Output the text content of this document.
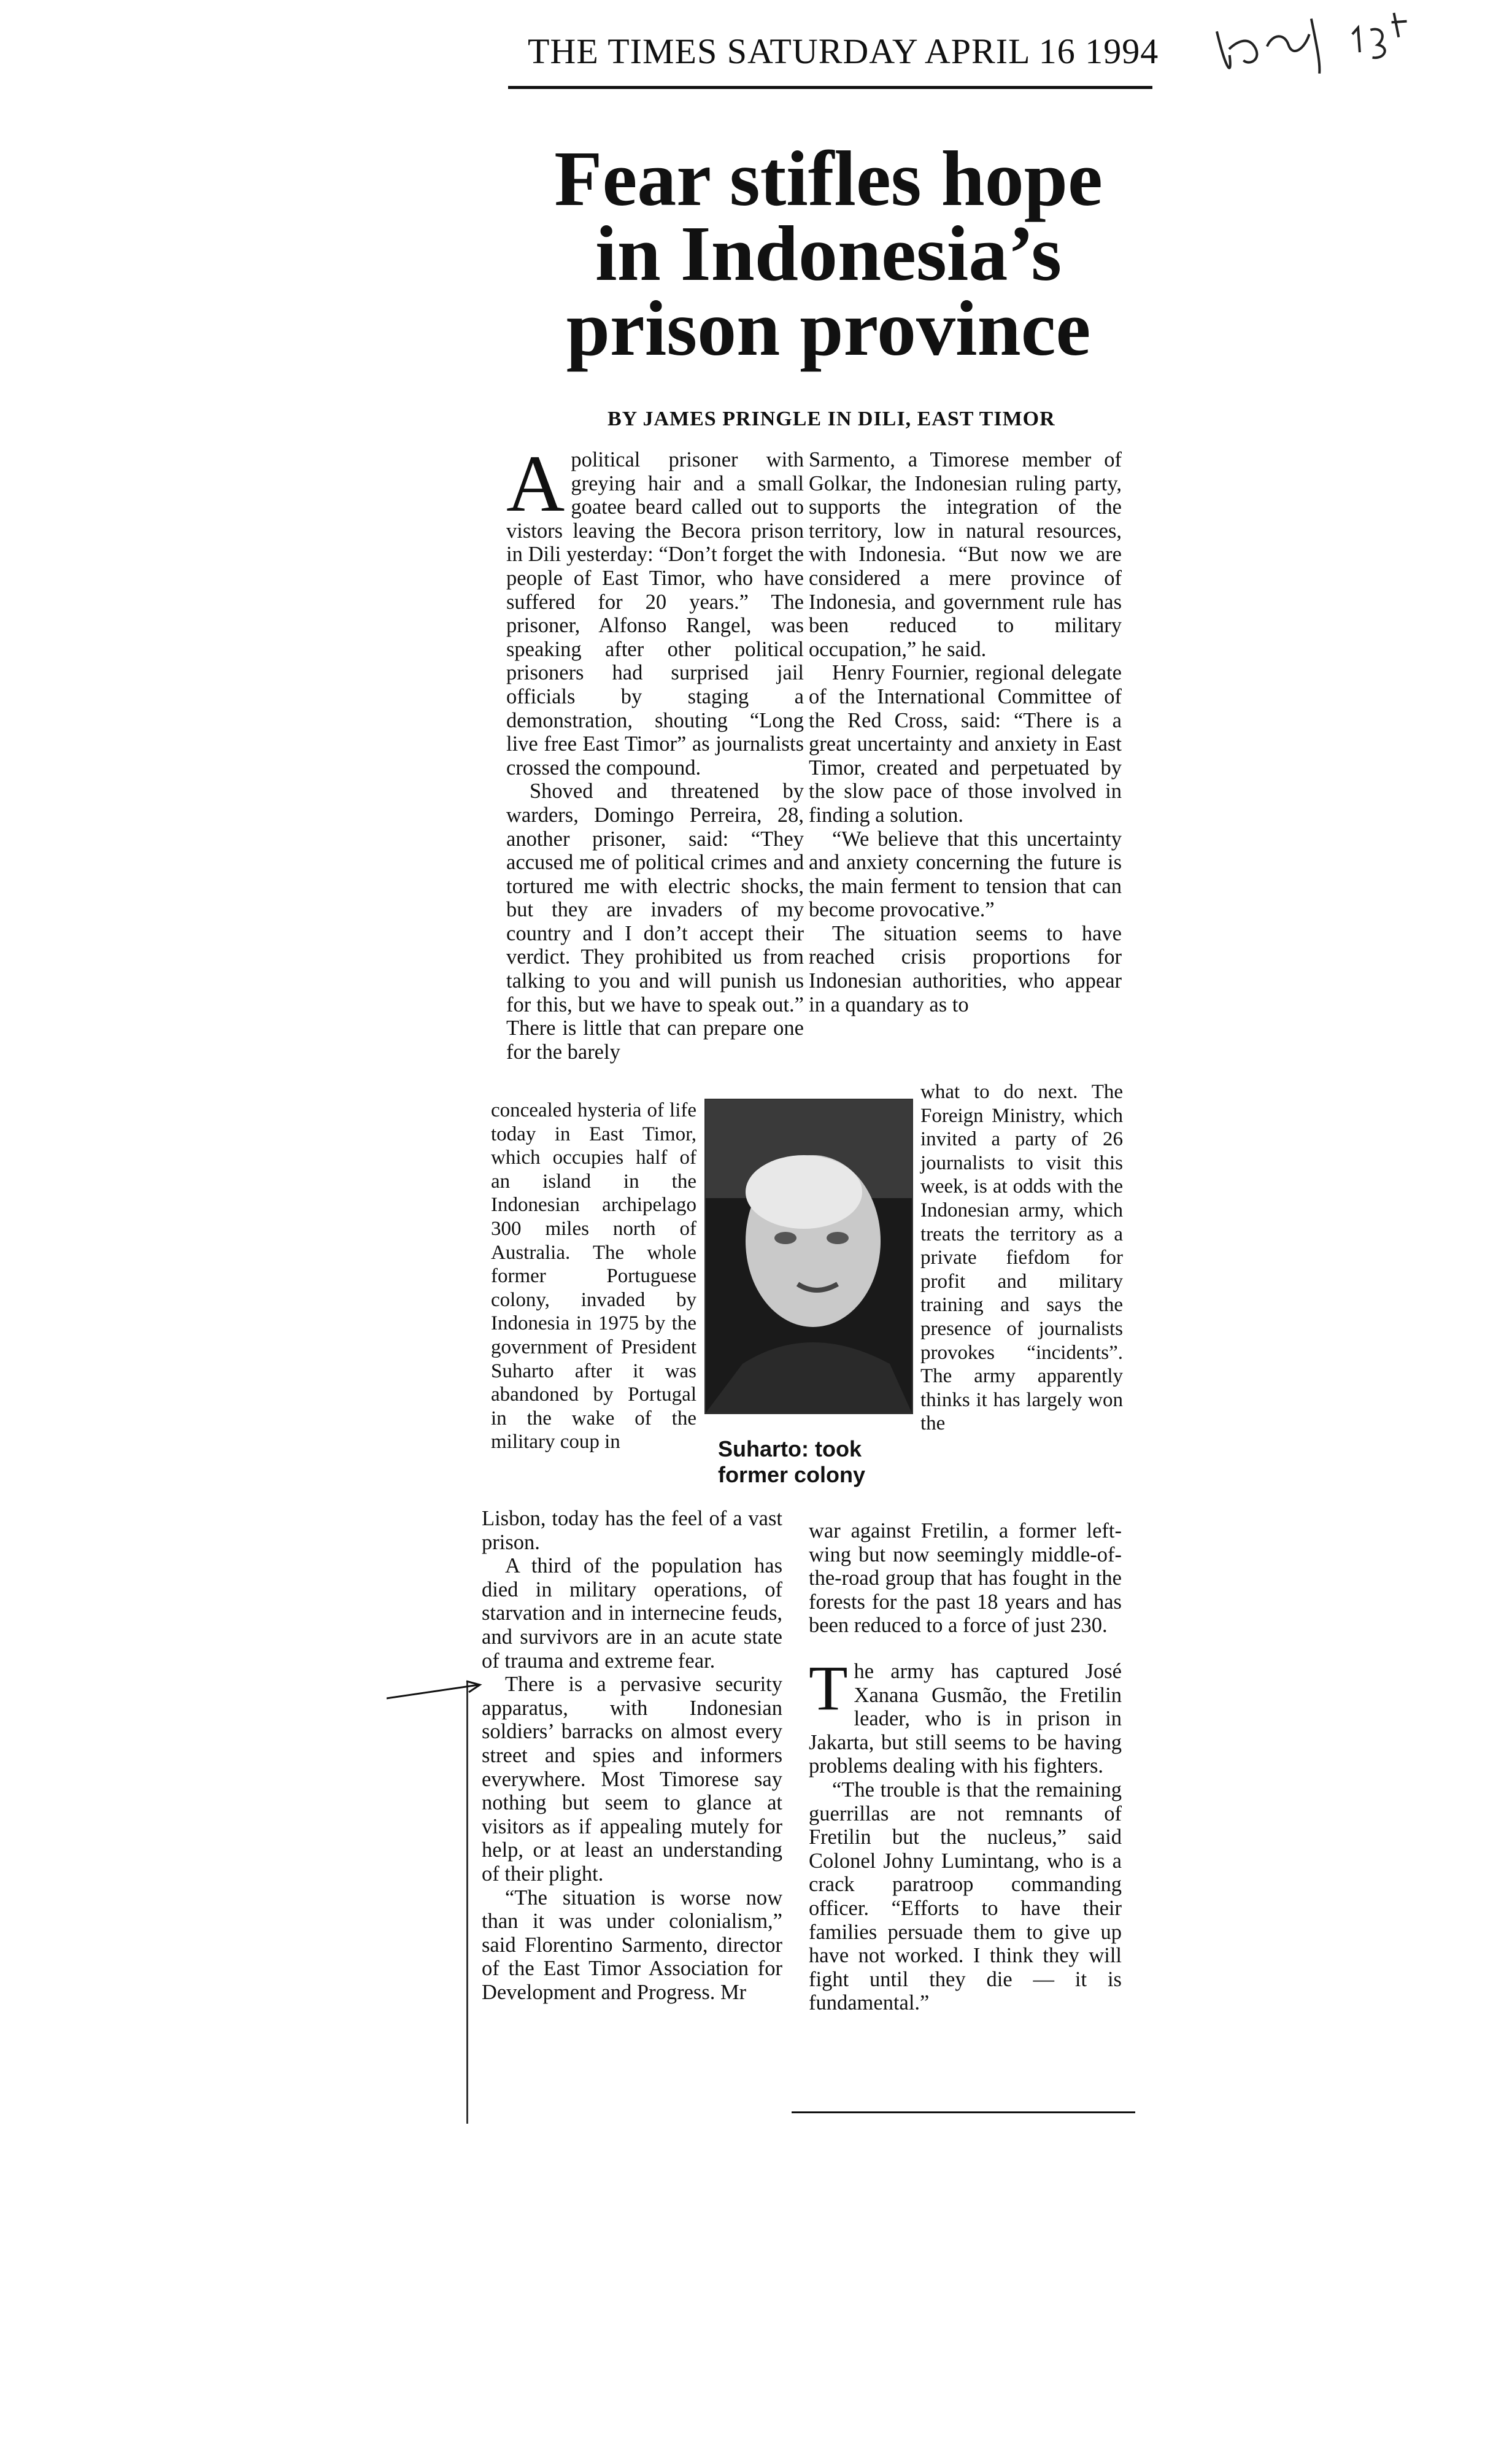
THE TIMES SATURDAY APRIL 16 1994
Fear stifles hope
in Indonesia’s
prison province
BY JAMES PRINGLE IN DILI, EAST TIMOR

Apolitical prisoner with greying hair and a small goatee beard called out to vistors leaving the Becora prison in Dili yesterday: “Don’t forget the people of East Timor, who have suffered for 20 years.” The prisoner, Alfonso Rangel, was speaking after other political prisoners had surprised jail officials by staging a demonstration, shouting “Long live free East Timor” as journalists crossed the compound.

Shoved and threatened by warders, Domingo Perreira, 28, another prisoner, said: “They accused me of political crimes and tortured me with electric shocks, but they are invaders of my country and I don’t accept their verdict. They prohibited us from talking to you and will punish us for this, but we have to speak out.” There is little that can prepare one for the barely

concealed hysteria of life today in East Timor, which occupies half of an island in the Indonesian archipelago 300 miles north of Australia. The whole former Portuguese colony, invaded by Indonesia in 1975 by the government of President Suharto after it was abandoned by Portugal in the wake of the military coup in	Suharto: took former colony

Lisbon, today has the feel of a vast prison.

A third of the population has died in military operations, of starvation and in internecine feuds, and survivors are in an acute state of trauma and extreme fear.

There is a pervasive security apparatus, with Indonesian soldiers’ barracks on almost every street and spies and informers everywhere. Most Timorese say nothing but seem to glance at visitors as if appealing mutely for help, or at least an understanding of their plight.

“The situation is worse now than it was under colonialism,” said Florentino Sarmento, director of the East Timor Association for Development and Progress. Mr

Sarmento, a Timorese member of Golkar, the Indonesian ruling party, supports the integration of the territory, low in natural resources, with Indonesia. “But now we are considered a mere province of Indonesia, and government rule has been reduced to military occupation,” he said.

Henry Fournier, regional delegate of the International Committee of the Red Cross, said: “There is a great uncertainty and anxiety in East Timor, created and perpetuated by the slow pace of those involved in finding a solution.

“We believe that this uncertainty and anxiety concerning the future is the main ferment to tension that can become provocative.”

The situation seems to have reached crisis proportions for Indonesian authorities, who appear in a quandary as to

what to do next. The Foreign Ministry, which invited a party of 26 journalists to visit this week, is at odds with the Indonesian army, which treats the territory as a private fiefdom for profit and military training and says the presence of journalists provokes “incidents”. The army apparently thinks it has largely won the

war against Fretilin, a former left-wing but now seemingly middle-of-the-road group that has fought in the forests for the past 18 years and has been reduced to a force of just 230.

The army has captured José Xanana Gusmão, the Fretilin leader, who is in prison in Jakarta, but still seems to be having problems dealing with his fighters.

“The trouble is that the remaining guerrillas are not remnants of Fretilin but the nucleus,” said Colonel Johny Lumintang, who is a crack paratroop commanding officer. “Efforts to have their families persuade them to give up have not worked. I think they will fight until they die — it is fundamental.”
